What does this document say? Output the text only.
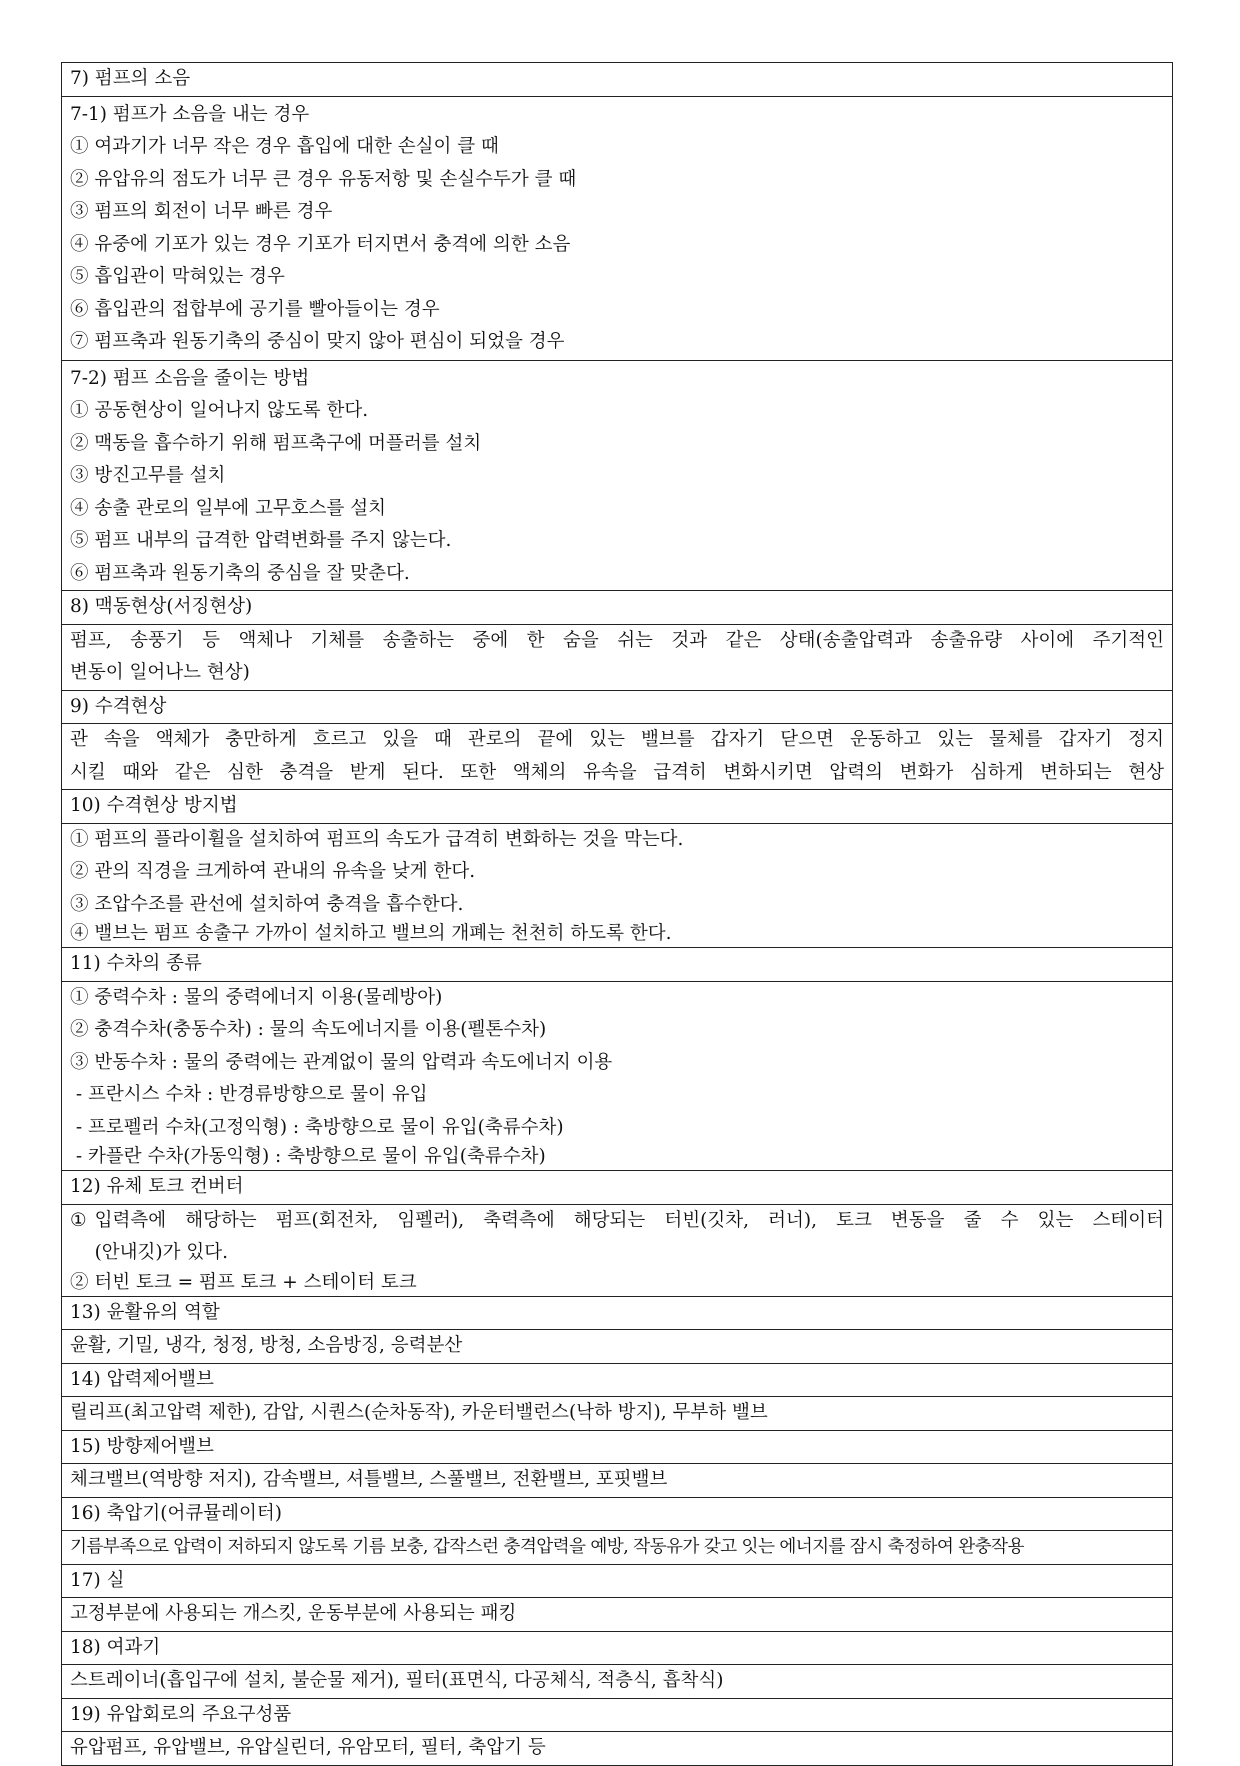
7) 펌프의 소음

7-1) 펌프가 소음을 내는 경우
① 여과기가 너무 작은 경우 흡입에 대한 손실이 클 때
② 유압유의 점도가 너무 큰 경우 유동저항 및 손실수두가 클 때
③ 펌프의 회전이 너무 빠른 경우
④ 유중에 기포가 있는 경우 기포가 터지면서 충격에 의한 소음
⑤ 흡입관이 막혀있는 경우
⑥ 흡입관의 접합부에 공기를 빨아들이는 경우
⑦ 펌프축과 원동기축의 중심이 맞지 않아 편심이 되었을 경우

7-2) 펌프 소음을 줄이는 방법
① 공동현상이 일어나지 않도록 한다.
② 맥동을 흡수하기 위해 펌프축구에 머플러를 설치
③ 방진고무를 설치
④ 송출 관로의 일부에 고무호스를 설치
⑤ 펌프 내부의 급격한 압력변화를 주지 않는다.
⑥ 펌프축과 원동기축의 중심을 잘 맞춘다.

8) 맥동현상(서징현상)

펌프, 송풍기 등 액체나 기체를 송출하는 중에 한 숨을 쉬는 것과 같은 상태(송출압력과 송출유량 사이에 주기적인
변동이 일어나느 현상)

9) 수격현상

관 속을 액체가 충만하게 흐르고 있을 때 관로의 끝에 있는 밸브를 갑자기 닫으면 운동하고 있는 물체를 갑자기 정지
시킬 때와 같은 심한 충격을 받게 된다. 또한 액체의 유속을 급격히 변화시키면 압력의 변화가 심하게 변하되는 현상

10) 수격현상 방지법

① 펌프의 플라이휠을 설치하여 펌프의 속도가 급격히 변화하는 것을 막는다.
② 관의 직경을 크게하여 관내의 유속을 낮게 한다.
③ 조압수조를 관선에 설치하여 충격을 흡수한다.
④ 밸브는 펌프 송출구 가까이 설치하고 밸브의 개폐는 천천히 하도록 한다.

11) 수차의 종류

① 중력수차 : 물의 중력에너지 이용(물레방아)
② 충격수차(충동수차) : 물의 속도에너지를 이용(펠톤수차)
③ 반동수차 : 물의 중력에는 관계없이 물의 압력과 속도에너지 이용
- 프란시스 수차 : 반경류방향으로 물이 유입
- 프로펠러 수차(고정익형) : 축방향으로 물이 유입(축류수차)
- 카플란 수차(가동익형) : 축방향으로 물이 유입(축류수차)

12) 유체 토크 컨버터

① 입력측에 해당하는 펌프(회전차, 임펠러), 축력측에 해당되는 터빈(깃차, 러너), 토크 변동을 줄 수 있는 스테이터
(안내깃)가 있다.
② 터빈 토크 = 펌프 토크 + 스테이터 토크

13) 윤활유의 역할

윤활, 기밀, 냉각, 청정, 방청, 소음방징, 응력분산

14) 압력제어밸브

릴리프(최고압력 제한), 감압, 시퀀스(순차동작), 카운터밸런스(낙하 방지), 무부하 밸브

15) 방향제어밸브

체크밸브(역방향 저지), 감속밸브, 셔틀밸브, 스풀밸브, 전환밸브, 포핏밸브

16) 축압기(어큐뮬레이터)

기름부족으로 압력이 저하되지 않도록 기름 보충, 갑작스런 충격압력을 예방, 작동유가 갖고 잇는 에너지를 잠시 축정하여 완충작용

17) 실

고정부분에 사용되는 개스킷, 운동부분에 사용되는 패킹

18) 여과기

스트레이너(흡입구에 설치, 불순물 제거), 필터(표면식, 다공체식, 적층식, 흡착식)

19) 유압회로의 주요구성품

유압펌프, 유압밸브, 유압실린더, 유암모터, 필터, 축압기 등
